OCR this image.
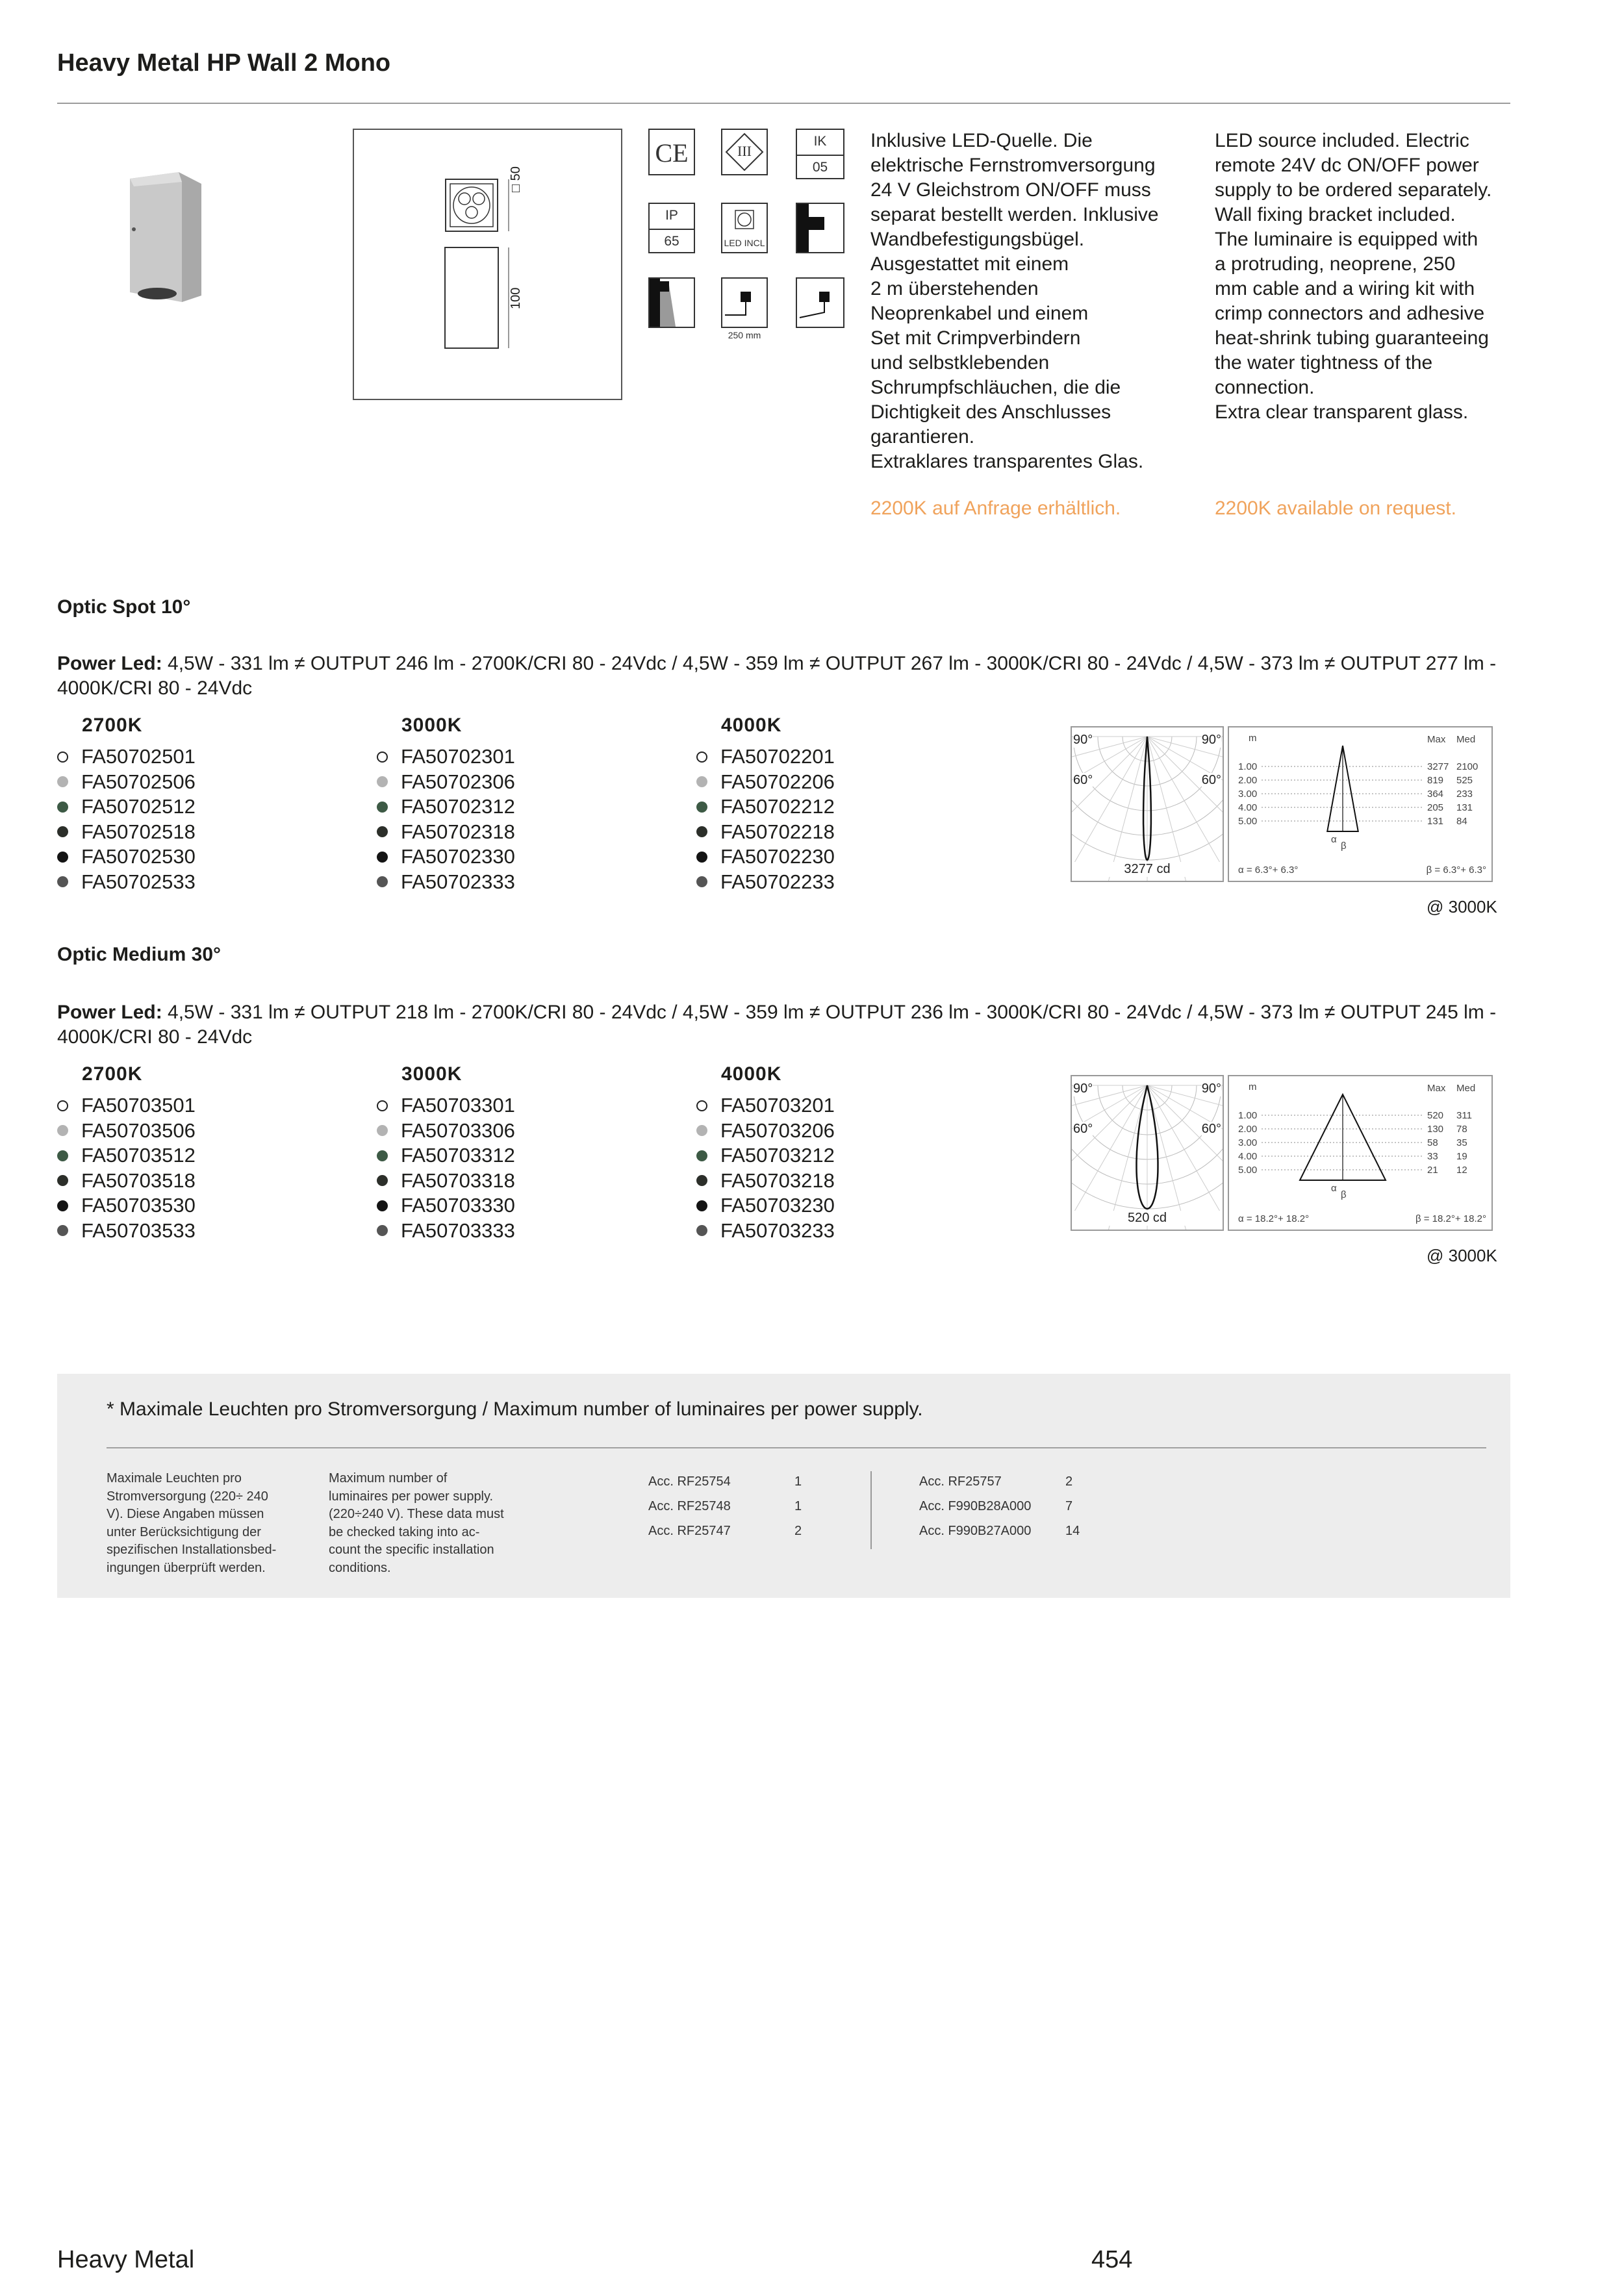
Heavy Metal HP Wall 2 Mono
□ 50
100
CE	III
IK
05
IP
65	LED INCL
250 mm
Inklusive LED-Quelle. Die
elektrische Fernstromversorgung
24 V Gleichstrom ON/OFF muss
separat bestellt werden. Inklusive
Wandbefestigungsbügel.
Ausgestattet mit einem
2 m überstehenden
Neoprenkabel und einem
Set mit Crimpverbindern
und selbstklebenden
Schrumpfschläuchen, die die
Dichtigkeit des Anschlusses
garantieren.
Extraklares transparentes Glas.
LED source included. Electric
remote 24V dc ON/OFF power
supply to be ordered separately.
Wall fixing bracket included.
The luminaire is equipped with
a protruding, neoprene, 250
mm cable and a wiring kit with
crimp connectors and adhesive
heat-shrink tubing guaranteeing
the water tightness of the
connection.
Extra clear transparent glass.
2200K auf Anfrage erhältlich.	2200K available on request.
Optic Spot 10°
Power Led: 4,5W - 331 lm ≠ OUTPUT 246 lm - 2700K/CRI 80 - 24Vdc / 4,5W - 359 lm ≠ OUTPUT 267 lm - 3000K/CRI 80 - 24Vdc / 4,5W - 373 lm ≠ OUTPUT 277 lm - 4000K/CRI 80 - 24Vdc
2700K
FA50702501
FA50702506
FA50702512
FA50702518
FA50702530
FA50702533
3000K
FA50702301
FA50702306
FA50702312
FA50702318
FA50702330
FA50702333
4000K
FA50702201
FA50702206
FA50702212
FA50702218
FA50702230
FA50702233
90°	90°
60°	60°
3277 cd
m	Max Med
1.00	3277 2100
2.00	819 525
3.00	364 233
4.00	205 131
5.00	131 84
α
β
α = 6.3°+ 6.3°	β = 6.3°+ 6.3°
@ 3000K
Optic Medium 30°
Power Led: 4,5W - 331 lm ≠ OUTPUT 218 lm - 2700K/CRI 80 - 24Vdc / 4,5W - 359 lm ≠ OUTPUT 236 lm - 3000K/CRI 80 - 24Vdc / 4,5W - 373 lm ≠ OUTPUT 245 lm - 4000K/CRI 80 - 24Vdc
2700K
FA50703501
FA50703506
FA50703512
FA50703518
FA50703530
FA50703533
3000K
FA50703301
FA50703306
FA50703312
FA50703318
FA50703330
FA50703333
4000K
FA50703201
FA50703206
FA50703212
FA50703218
FA50703230
FA50703233
90°	90°
60°	60°
520 cd
m	Max Med
1.00	520 311
2.00	130 78
3.00	58 35
4.00	33 19
5.00	21 12
α
β
α = 18.2°+ 18.2°	β = 18.2°+ 18.2°
@ 3000K
* Maximale Leuchten pro Stromversorgung / Maximum number of luminaires per power supply.
Maximale Leuchten pro
Stromversorgung (220÷ 240
V). Diese Angaben müssen
unter Berücksichtigung der
spezifischen Installationsbed-
ingungen überprüft werden.
Maximum number of
luminaires per power supply.
(220÷240 V). These data must
be checked taking into ac-
count the specific installation
conditions.
Acc. RF25754	1
Acc. RF25748	1
Acc. RF25747	2
Acc. RF25757	2
Acc. F990B28A000	7
Acc. F990B27A000	14
Heavy Metal	454
